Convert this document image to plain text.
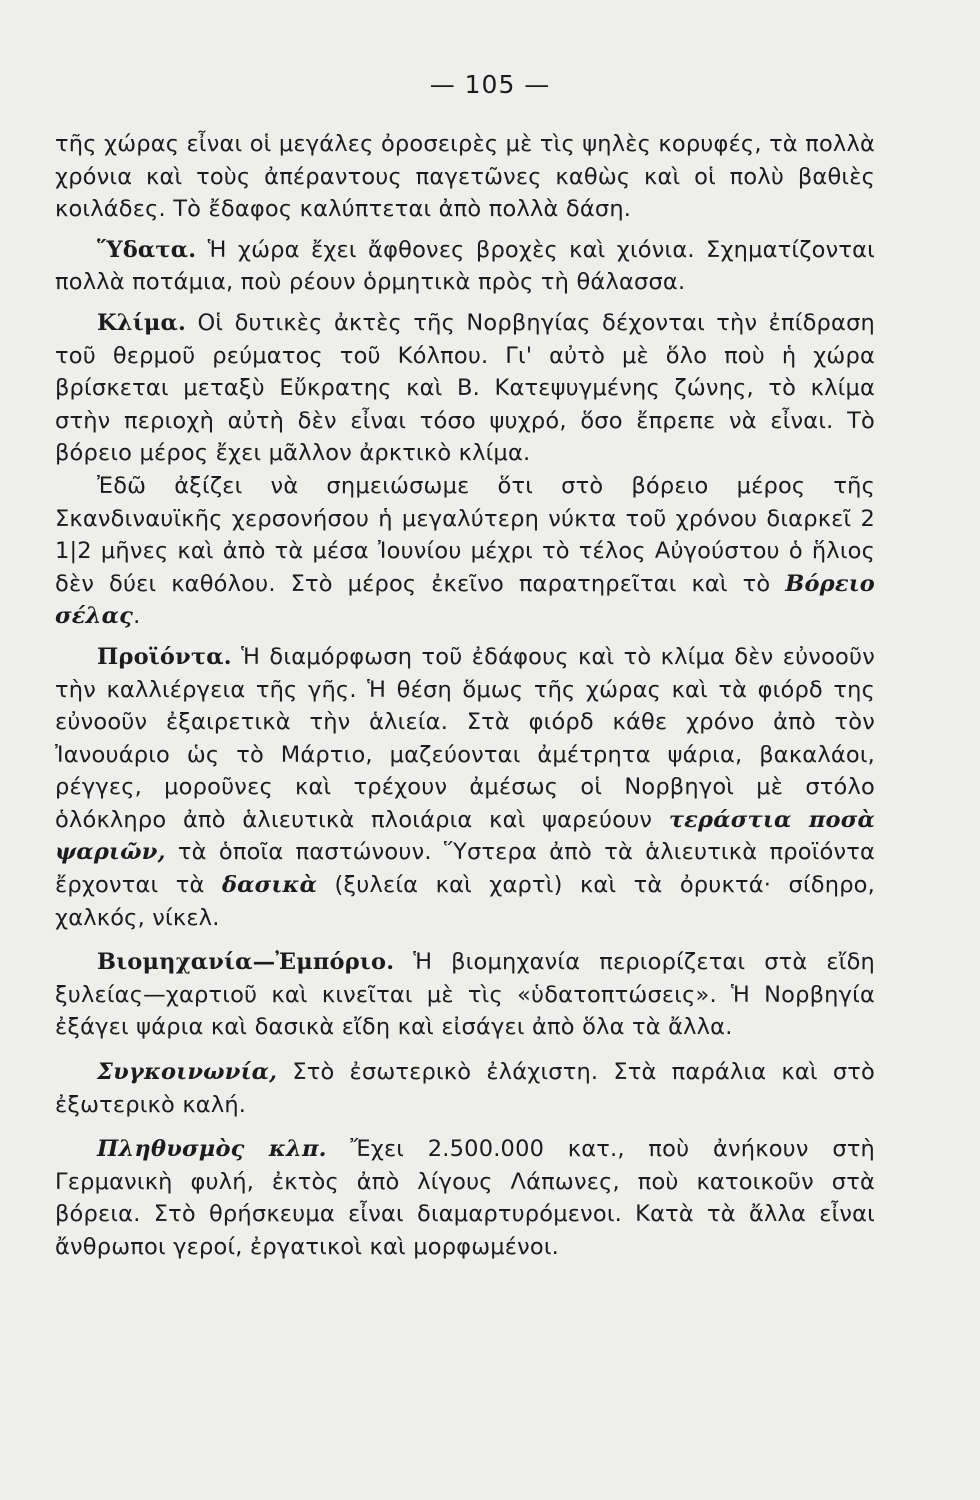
— 105 —

τῆς χώρας εἶναι οἱ μεγάλες ὀροσειρὲς μὲ τὶς ψηλὲς κορυφές, τὰ πολλὰ χρόνια καὶ τοὺς ἀπέραντους παγετῶνες καθὼς καὶ οἱ πολὺ βαθιὲς κοιλάδες. Τὸ ἔδαφος καλύπτεται ἀπὸ πολλὰ δάση.

Ὕδατα. Ἡ χώρα ἔχει ἄφθονες βροχὲς καὶ χιόνια. Σχηματίζονται πολλὰ ποτάμια, ποὺ ρέουν ὁρμητικὰ πρὸς τὴ θάλασσα.

Κλίμα. Οἱ δυτικὲς ἀκτὲς τῆς Νορβηγίας δέχονται τὴν ἐπίδραση τοῦ θερμοῦ ρεύματος τοῦ Κόλπου. Γι' αὐτὸ μὲ ὅλο ποὺ ἡ χώρα βρίσκεται μεταξὺ Εὔκρατης καὶ Β. Κατεψυγμένης ζώνης, τὸ κλίμα στὴν περιοχὴ αὐτὴ δὲν εἶναι τόσο ψυχρό, ὅσο ἔπρεπε νὰ εἶναι. Τὸ βόρειο μέρος ἔχει μᾶλλον ἀρκτικὸ κλίμα.

Ἐδῶ ἀξίζει νὰ σημειώσωμε ὅτι στὸ βόρειο μέρος τῆς Σκανδιναυϊκῆς χερσονήσου ἡ μεγαλύτερη νύκτα τοῦ χρόνου διαρκεῖ 2 1|2 μῆνες καὶ ἀπὸ τὰ μέσα Ἰουνίου μέχρι τὸ τέλος Αὐγούστου ὁ ἥλιος δὲν δύει καθόλου. Στὸ μέρος ἐκεῖνο παρατηρεῖται καὶ τὸ Βόρειο σέλας.

Προϊόντα. Ἡ διαμόρφωση τοῦ ἐδάφους καὶ τὸ κλίμα δὲν εὐνοοῦν τὴν καλλιέργεια τῆς γῆς. Ἡ θέση ὅμως τῆς χώρας καὶ τὰ φιόρδ της εὐνοοῦν ἐξαιρετικὰ τὴν ἁλιεία. Στὰ φιόρδ κάθε χρόνο ἀπὸ τὸν Ἰανουάριο ὡς τὸ Μάρτιο, μαζεύονται ἀμέτρητα ψάρια, βακαλάοι, ρέγγες, μοροῦνες καὶ τρέχουν ἀμέσως οἱ Νορβηγοὶ μὲ στόλο ὁλόκληρο ἀπὸ ἁλιευτικὰ πλοιάρια καὶ ψαρεύουν τεράστια ποσὰ ψαριῶν, τὰ ὁποῖα παστώνουν. Ὕστερα ἀπὸ τὰ ἁλιευτικὰ προϊόντα ἔρχονται τὰ δασικὰ (ξυλεία καὶ χαρτὶ) καὶ τὰ ὀρυκτά· σίδηρο, χαλκός, νίκελ.

Βιομηχανία—Ἐμπόριο. Ἡ βιομηχανία περιορίζεται στὰ εἴδη ξυλείας—χαρτιοῦ καὶ κινεῖται μὲ τὶς «ὑδατοπτώσεις». Ἡ Νορβηγία ἐξάγει ψάρια καὶ δασικὰ εἴδη καὶ εἰσάγει ἀπὸ ὅλα τὰ ἄλλα.

Συγκοινωνία, Στὸ ἐσωτερικὸ ἐλάχιστη. Στὰ παράλια καὶ στὸ ἐξωτερικὸ καλή.

Πληθυσμὸς κλπ. Ἔχει 2.500.000 κατ., ποὺ ἀνήκουν στὴ Γερμανικὴ φυλή, ἐκτὸς ἀπὸ λίγους Λάπωνες, ποὺ κατοικοῦν στὰ βόρεια. Στὸ θρήσκευμα εἶναι διαμαρτυρόμενοι. Κατὰ τὰ ἄλλα εἶναι ἄνθρωποι γεροί, ἐργατικοὶ καὶ μορφωμένοι.
